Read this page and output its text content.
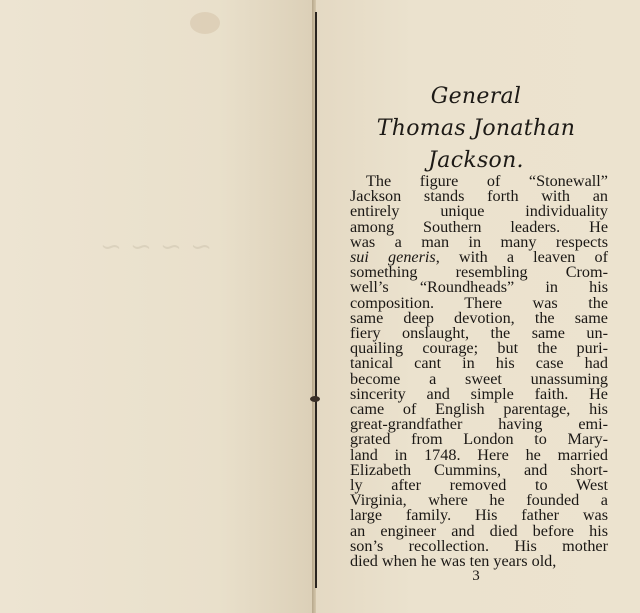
~ ~ ~ ~
General
Thomas Jonathan
Jackson.
The figure of “Stonewall”
Jackson stands forth with an
entirely unique individuality
among Southern leaders. He
was a man in many respects
sui generis, with a leaven of
something resembling Crom-
well’s “Roundheads” in his
composition. There was the
same deep devotion, the same
fiery onslaught, the same un-
quailing courage; but the puri-
tanical cant in his case had
become a sweet unassuming
sincerity and simple faith. He
came of English parentage, his
great-grandfather having emi-
grated from London to Mary-
land in 1748. Here he married
Elizabeth Cummins, and short-
ly after removed to West
Virginia, where he founded a
large family. His father was
an engineer and died before his
son’s recollection. His mother
died when he was ten years old,
3
